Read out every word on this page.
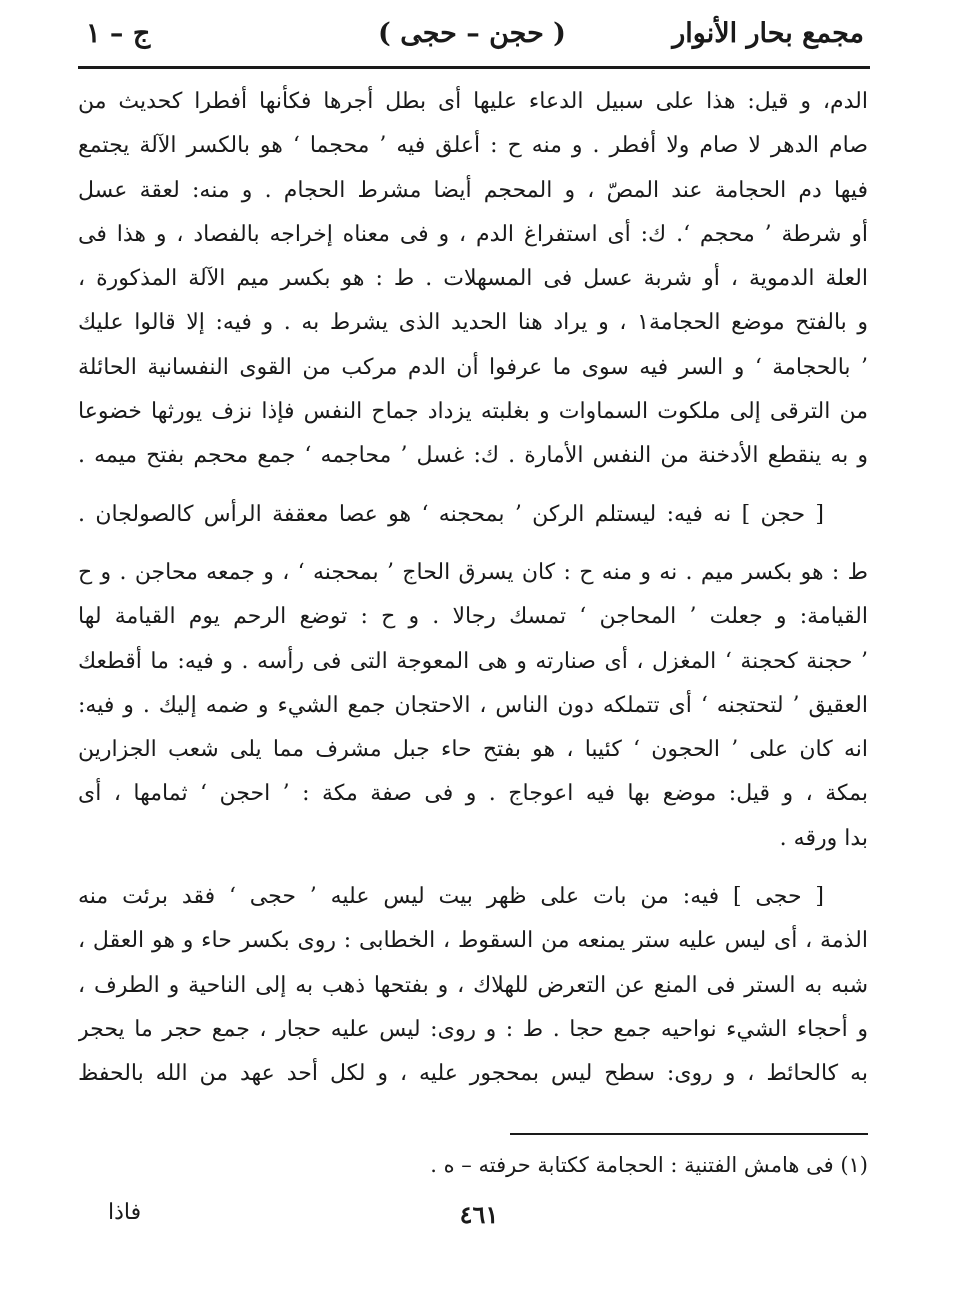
مجمع بحار الأنوار
( حجن – حجى )
ج – ١
الدم، و قيل: هذا على سبيل الدعاء عليها أى بطل أجرها فكأنها أفطرا كحديث من
صام الدهر لا صام ولا أفطر . و منه ح : أعلق فيه ’ محجما ‘ هو بالكسر الآلة يجتمع
فيها دم الحجامة عند المصّ ، و المحجم أيضا مشرط الحجام . و منه: لعقة عسل
أو شرطة ’ محجم ‘. ك: أى استفراغ الدم ، و فى معناه إخراجه بالفصاد ، و هذا فى
العلة الدموية ، أو شربة عسل فى المسهلات . ط : هو بكسر ميم الآلة المذكورة ،
و بالفتح موضع الحجامة١ ، و يراد هنا الحديد الذى يشرط به . و فيه: إلا قالوا عليك
’ بالحجامة ‘ و السر فيه سوى ما عرفوا أن الدم مركب من القوى النفسانية الحائلة
من الترقى إلى ملكوت السماوات و بغلبته يزداد جماح النفس فإذا نزف يورثها خضوعا
و به ينقطع الأدخنة من النفس الأمارة . ك: غسل ’ محاجمه ‘ جمع محجم بفتح ميمه .
[ حجن ] نه فيه: ليستلم الركن ’ بمحجنه ‘ هو عصا معقفة الرأس كالصولجان .
ط : هو بكسر ميم . نه و منه ح : كان يسرق الحاج ’ بمحجنه ‘ ، و جمعه محاجن . و ح
القيامة: و جعلت ’ المحاجن ‘ تمسك رجالا . و ح : توضع الرحم يوم القيامة لها
’ حجنة كحجنة ‘ المغزل ، أى صنارته و هى المعوجة التى فى رأسه . و فيه: ما أقطعك
العقيق ’ لتحتجنه ‘ أى تتملكه دون الناس ، الاحتجان جمع الشيء و ضمه إليك . و فيه:
انه كان على ’ الحجون ‘ كئيبا ، هو بفتح حاء جبل مشرف مما يلى شعب الجزارين
بمكة ، و قيل: موضع بها فيه اعوجاج . و فى صفة مكة : ’ احجن ‘ ثمامها ، أى
بدا ورقه .
[ حجى ] فيه: من بات على ظهر بيت ليس عليه ’ حجى ‘ فقد برئت منه
الذمة ، أى ليس عليه ستر يمنعه من السقوط ، الخطابى : روى بكسر حاء و هو العقل ،
شبه به الستر فى المنع عن التعرض للهلاك ، و بفتحها ذهب به إلى الناحية و الطرف ،
و أحجاء الشيء نواحيه جمع حجا . ط : و روى: ليس عليه حجار ، جمع حجر ما يحجر
به كالحائط ، و روى: سطح ليس بمحجور عليه ، و لكل أحد عهد من الله بالحفظ
(١) فى هامش الفتنية : الحجامة ككتابة حرفته – ه .
٤٦١
فاذا
